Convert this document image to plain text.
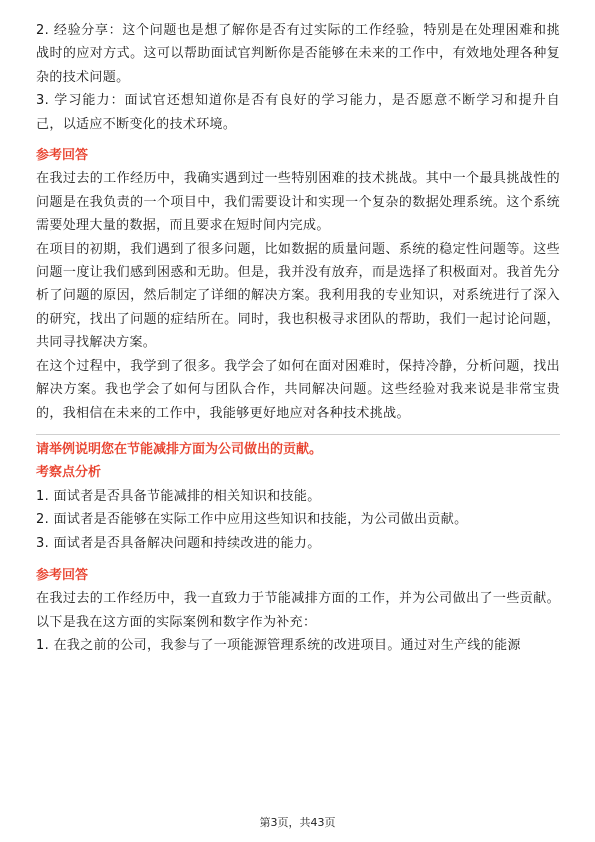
2. 经验分享：这个问题也是想了解你是否有过实际的工作经验，特别是在处理困难和挑战时的应对方式。这可以帮助面试官判断你是否能够在未来的工作中，有效地处理各种复杂的技术问题。

3. 学习能力：面试官还想知道你是否有良好的学习能力，是否愿意不断学习和提升自己，以适应不断变化的技术环境。

参考回答

在我过去的工作经历中，我确实遇到过一些特别困难的技术挑战。其中一个最具挑战性的问题是在我负责的一个项目中，我们需要设计和实现一个复杂的数据处理系统。这个系统需要处理大量的数据，而且要求在短时间内完成。

在项目的初期，我们遇到了很多问题，比如数据的质量问题、系统的稳定性问题等。这些问题一度让我们感到困惑和无助。但是，我并没有放弃，而是选择了积极面对。我首先分析了问题的原因，然后制定了详细的解决方案。我利用我的专业知识，对系统进行了深入的研究，找出了问题的症结所在。同时，我也积极寻求团队的帮助，我们一起讨论问题，共同寻找解决方案。

在这个过程中，我学到了很多。我学会了如何在面对困难时，保持冷静，分析问题，找出解决方案。我也学会了如何与团队合作，共同解决问题。这些经验对我来说是非常宝贵的，我相信在未来的工作中，我能够更好地应对各种技术挑战。

请举例说明您在节能减排方面为公司做出的贡献。

考察点分析

1. 面试者是否具备节能减排的相关知识和技能。

2. 面试者是否能够在实际工作中应用这些知识和技能，为公司做出贡献。

3. 面试者是否具备解决问题和持续改进的能力。

参考回答

在我过去的工作经历中，我一直致力于节能减排方面的工作，并为公司做出了一些贡献。以下是我在这方面的实际案例和数字作为补充：

1. 在我之前的公司，我参与了一项能源管理系统的改进项目。通过对生产线的能源

第3页，共43页
